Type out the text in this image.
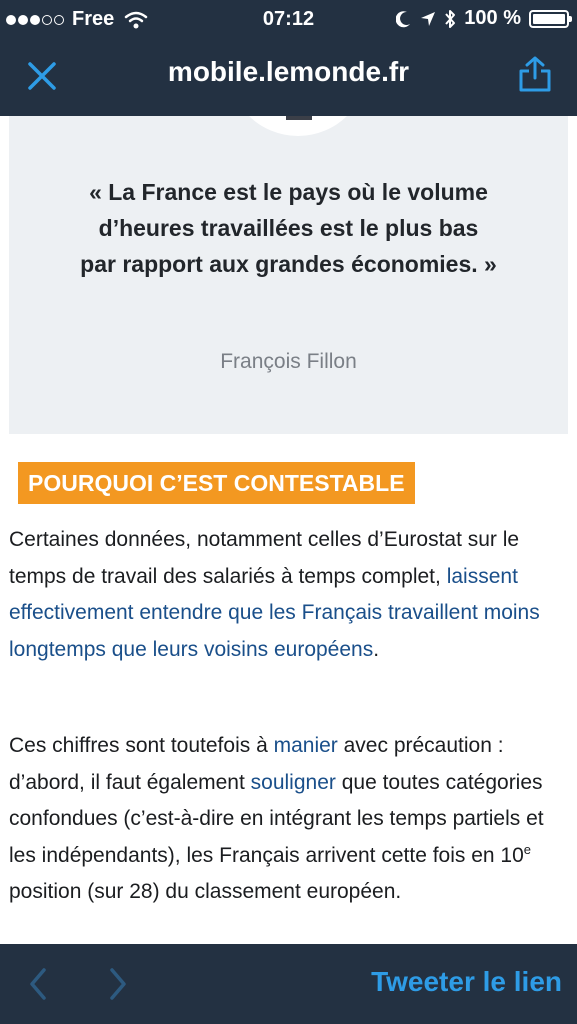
Free	07:12	100 %
mobile.lemonde.fr
« La France est le pays où le volume d’heures travaillées est le plus bas par rapport aux grandes économies. »
François Fillon
POURQUOI C’EST CONTESTABLE
Certaines données, notamment celles d’Eurostat sur le temps de travail des salariés à temps complet, laissent effectivement entendre que les Français travaillent moins longtemps que leurs voisins européens.
Ces chiffres sont toutefois à manier avec précaution : d’abord, il faut également souligner que toutes catégories confondues (c’est-à-dire en intégrant les temps partiels et les indépendants), les Français arrivent cette fois en 10e position (sur 28) du classement européen.
Tweeter le lien
